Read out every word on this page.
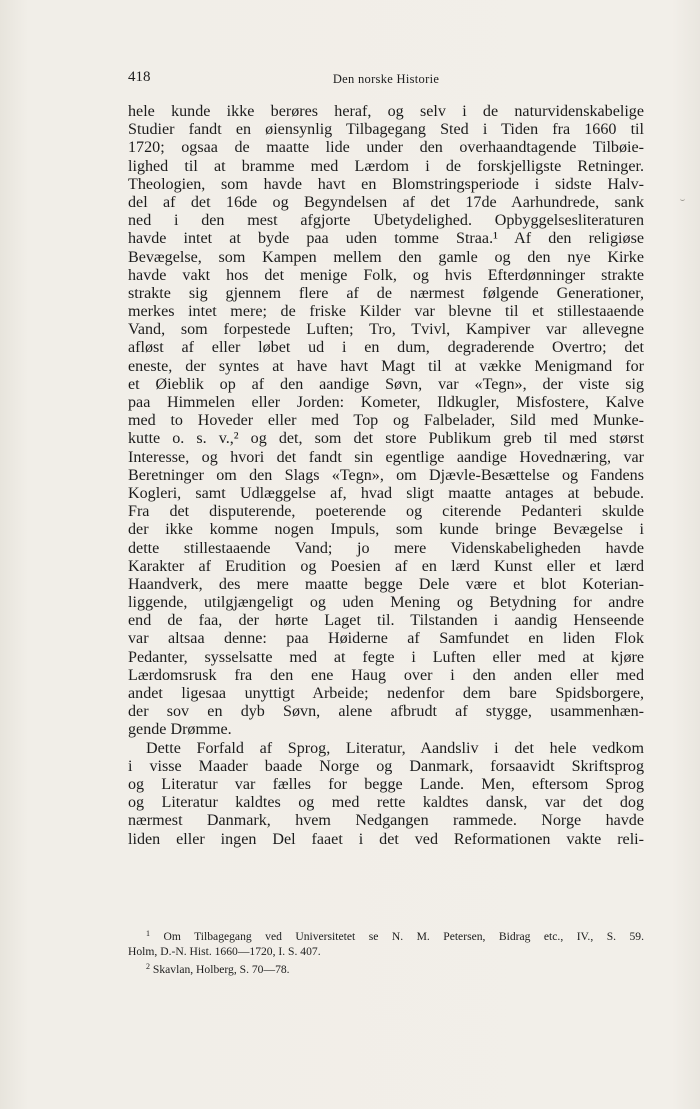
418	Den norske Historie
hele kunde ikke berøres heraf, og selv i de naturvidenskabelige
Studier fandt en øiensynlig Tilbagegang Sted i Tiden fra 1660 til
1720; ogsaa de maatte lide under den overhaandtagende Tilbøie-
lighed til at bramme med Lærdom i de forskjelligste Retninger.
Theologien, som havde havt en Blomstringsperiode i sidste Halv-
del af det 16de og Begyndelsen af det 17de Aarhundrede, sank
ned i den mest afgjorte Ubetydelighed. Opbyggelsesliteraturen
havde intet at byde paa uden tomme Straa.¹ Af den religiøse
Bevægelse, som Kampen mellem den gamle og den nye Kirke
havde vakt hos det menige Folk, og hvis Efterdønninger strakte
strakte sig gjennem flere af de nærmest følgende Generationer,
merkes intet mere; de friske Kilder var blevne til et stillestaaende
Vand, som forpestede Luften; Tro, Tvivl, Kampiver var allevegne
afløst af eller løbet ud i en dum, degraderende Overtro; det
eneste, der syntes at have havt Magt til at vække Menigmand for
et Øieblik op af den aandige Søvn, var «Tegn», der viste sig
paa Himmelen eller Jorden: Kometer, Ildkugler, Misfostere, Kalve
med to Hoveder eller med Top og Falbelader, Sild med Munke-
kutte o. s. v.,² og det, som det store Publikum greb til med størst
Interesse, og hvori det fandt sin egentlige aandige Hovednæring, var
Beretninger om den Slags «Tegn», om Djævle-Besættelse og Fandens
Kogleri, samt Udlæggelse af, hvad sligt maatte antages at bebude.
Fra det disputerende, poeterende og citerende Pedanteri skulde
der ikke komme nogen Impuls, som kunde bringe Bevægelse i
dette stillestaaende Vand; jo mere Videnskabeligheden havde
Karakter af Erudition og Poesien af en lærd Kunst eller et lærd
Haandverk, des mere maatte begge Dele være et blot Koterian-
liggende, utilgjængeligt og uden Mening og Betydning for andre
end de faa, der hørte Laget til. Tilstanden i aandig Henseende
var altsaa denne: paa Høiderne af Samfundet en liden Flok
Pedanter, sysselsatte med at fegte i Luften eller med at kjøre
Lærdomsrusk fra den ene Haug over i den anden eller med
andet ligesaa unyttigt Arbeide; nedenfor dem bare Spidsborgere,
der sov en dyb Søvn, alene afbrudt af stygge, usammenhæn-
gende Drømme.
Dette Forfald af Sprog, Literatur, Aandsliv i det hele vedkom
i visse Maader baade Norge og Danmark, forsaavidt Skriftsprog
og Literatur var fælles for begge Lande. Men, eftersom Sprog
og Literatur kaldtes og med rette kaldtes dansk, var det dog
nærmest Danmark, hvem Nedgangen rammede. Norge havde
liden eller ingen Del faaet i det ved Reformationen vakte reli-
$^1$ Om Tilbagegang ved Universitetet se N. M. Petersen, Bidrag etc., IV., S. 59.
Holm, D.-N. Hist. 1660—1720, I. S. 407.
$^2$ Skavlan, Holberg, S. 70—78.
